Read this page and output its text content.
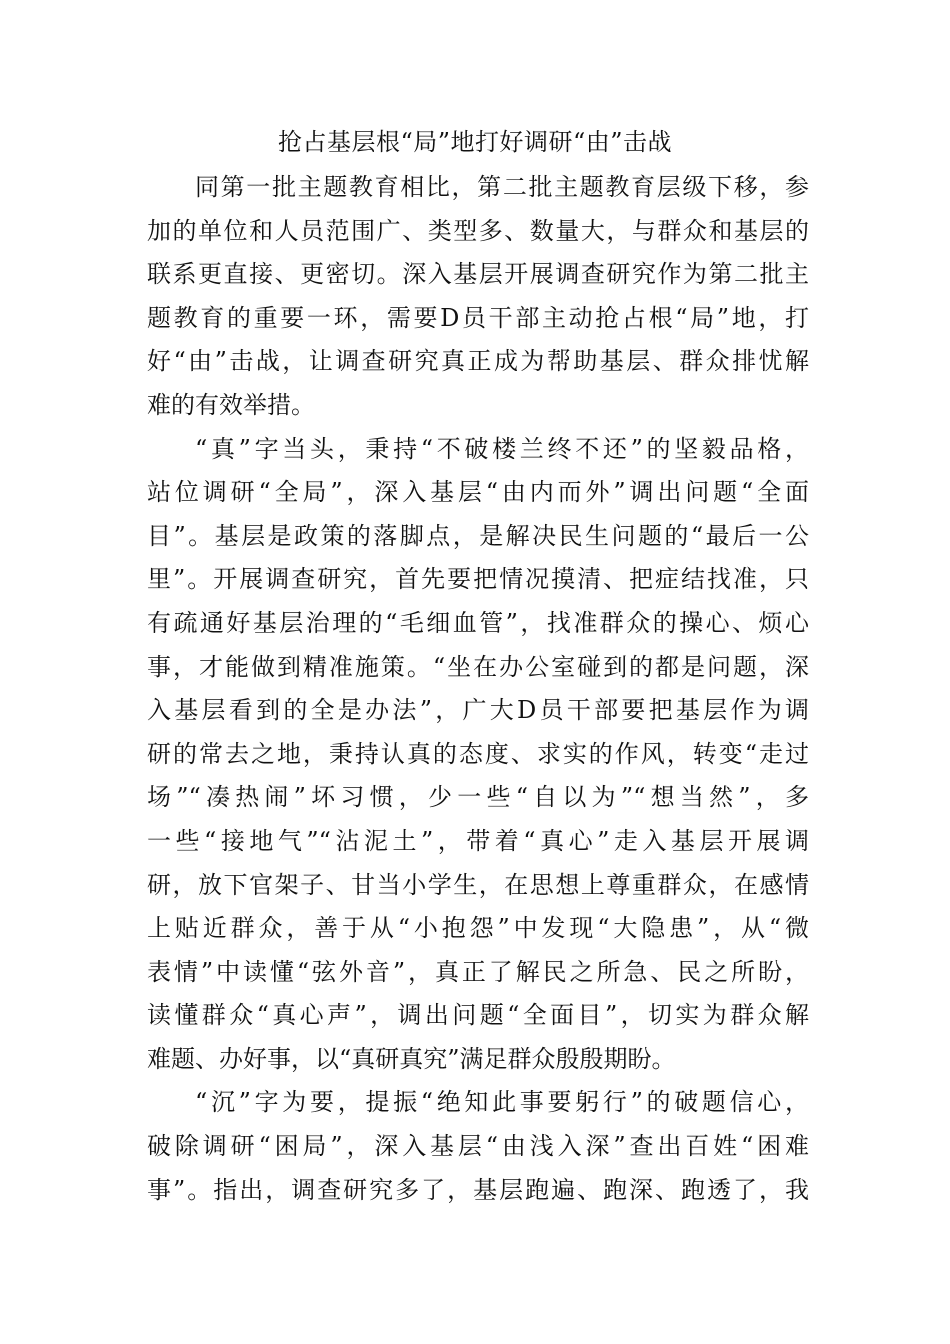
抢占基层根“局”地打好调研“由”击战
同第一批主题教育相比，第二批主题教育层级下移，参
加的单位和人员范围广、类型多、数量大，与群众和基层的
联系更直接、更密切。深入基层开展调查研究作为第二批主
题教育的重要一环，需要D员干部主动抢占根“局”地，打
好“由”击战，让调查研究真正成为帮助基层、群众排忧解
难的有效举措。
“真”字当头，秉持“不破楼兰终不还”的坚毅品格，
站位调研“全局”，深入基层“由内而外”调出问题“全面
目”。基层是政策的落脚点，是解决民生问题的“最后一公
里”。开展调查研究，首先要把情况摸清、把症结找准，只
有疏通好基层治理的“毛细血管”，找准群众的操心、烦心
事，才能做到精准施策。“坐在办公室碰到的都是问题，深
入基层看到的全是办法”，广大D员干部要把基层作为调
研的常去之地，秉持认真的态度、求实的作风，转变“走过
场”“凑热闹”坏习惯，少一些“自以为”“想当然”，多
一些“接地气”“沾泥土”，带着“真心”走入基层开展调
研，放下官架子、甘当小学生，在思想上尊重群众，在感情
上贴近群众，善于从“小抱怨”中发现“大隐患”，从“微
表情”中读懂“弦外音”，真正了解民之所急、民之所盼，
读懂群众“真心声”，调出问题“全面目”，切实为群众解
难题、办好事，以“真研真究”满足群众殷殷期盼。
“沉”字为要，提振“绝知此事要躬行”的破题信心，
破除调研“困局”，深入基层“由浅入深”查出百姓“困难
事”。指出，调查研究多了，基层跑遍、跑深、跑透了，我
